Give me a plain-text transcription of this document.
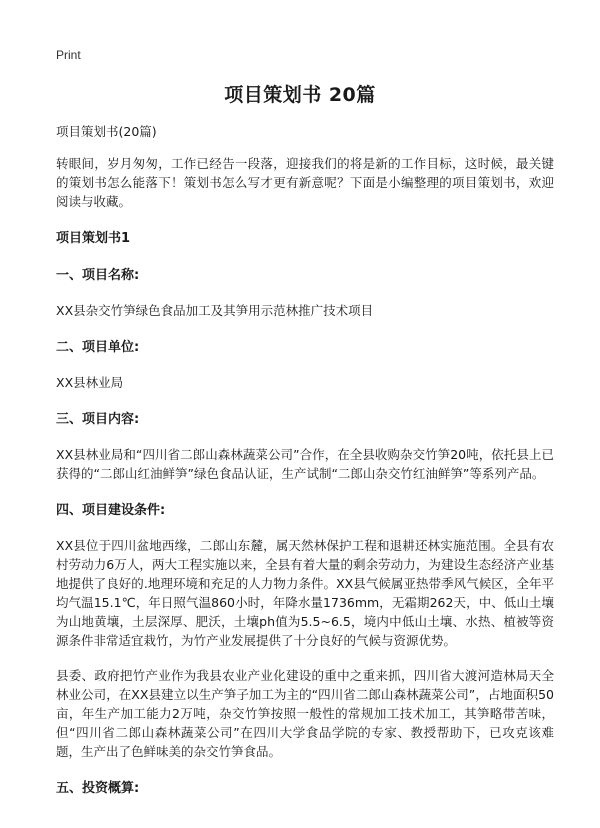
Print
项目策划书 20篇
项目策划书(20篇)

转眼间，岁月匆匆，工作已经告一段落，迎接我们的将是新的工作目标，这时候，最关键的策划书怎么能落下！策划书怎么写才更有新意呢？下面是小编整理的项目策划书，欢迎阅读与收藏。

项目策划书1
一、项目名称:

XX县杂交竹笋绿色食品加工及其笋用示范林推广技术项目

二、项目单位:

XX县林业局

三、项目内容:

XX县林业局和“四川省二郎山森林蔬菜公司”合作，在全县收购杂交竹笋20吨，依托县上已获得的“二郎山红油鲜笋”绿色食品认证，生产试制“二郎山杂交竹红油鲜笋”等系列产品。

四、项目建设条件:

XX县位于四川盆地西缘，二郎山东麓，属天然林保护工程和退耕还林实施范围。全县有农村劳动力6万人，两大工程实施以来，全县有着大量的剩余劳动力，为建设生态经济产业基地提供了良好的.地理环境和充足的人力物力条件。XX县气候属亚热带季风气候区，全年平均气温15.1℃，年日照气温860小时，年降水量1736mm，无霜期262天，中、低山土壤为山地黄壤，土层深厚、肥沃，土壤ph值为5.5~6.5，境内中低山土壤、水热、植被等资源条件非常适宜栽竹，为竹产业发展提供了十分良好的气候与资源优势。

县委、政府把竹产业作为我县农业产业化建设的重中之重来抓，四川省大渡河造林局天全林业公司，在XX县建立以生产笋子加工为主的“四川省二郎山森林蔬菜公司”，占地面积50亩，年生产加工能力2万吨，杂交竹笋按照一般性的常规加工技术加工，其笋略带苦味，但“四川省二郎山森林蔬菜公司”在四川大学食品学院的专家、教授帮助下，已攻克该难题，生产出了色鲜味美的杂交竹笋食品。

五、投资概算:
